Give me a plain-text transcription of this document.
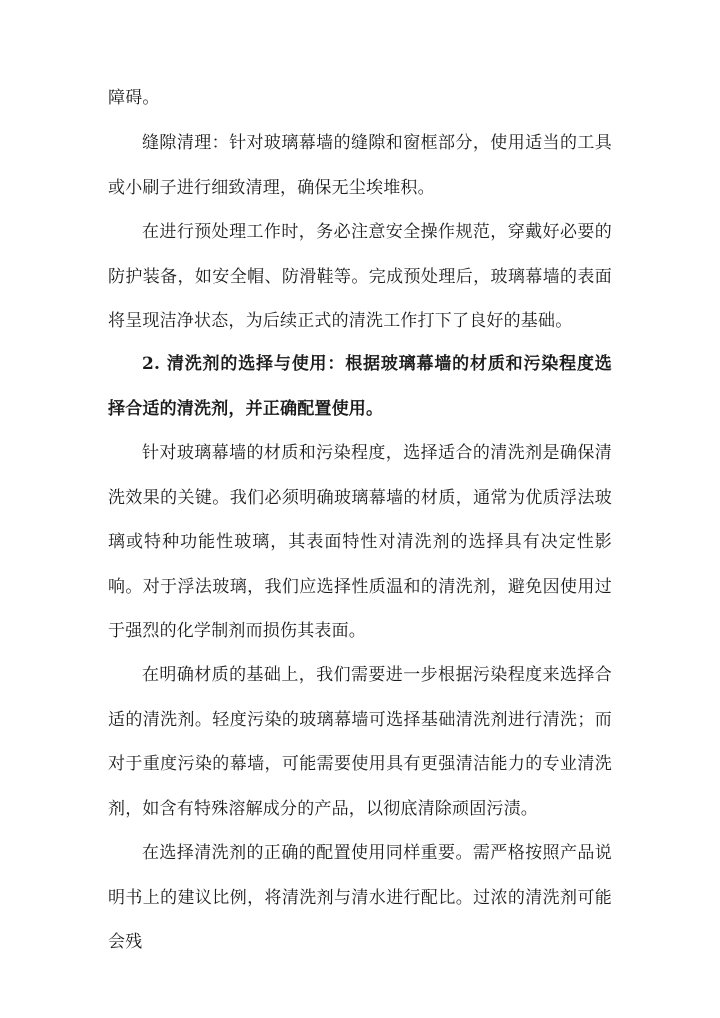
障碍。

缝隙清理：针对玻璃幕墙的缝隙和窗框部分，使用适当的工具或小刷子进行细致清理，确保无尘埃堆积。

在进行预处理工作时，务必注意安全操作规范，穿戴好必要的防护装备，如安全帽、防滑鞋等。完成预处理后，玻璃幕墙的表面将呈现洁净状态，为后续正式的清洗工作打下了良好的基础。

2. 清洗剂的选择与使用：根据玻璃幕墙的材质和污染程度选择合适的清洗剂，并正确配置使用。

针对玻璃幕墙的材质和污染程度，选择适合的清洗剂是确保清洗效果的关键。我们必须明确玻璃幕墙的材质，通常为优质浮法玻璃或特种功能性玻璃，其表面特性对清洗剂的选择具有决定性影响。对于浮法玻璃，我们应选择性质温和的清洗剂，避免因使用过于强烈的化学制剂而损伤其表面。

在明确材质的基础上，我们需要进一步根据污染程度来选择合适的清洗剂。轻度污染的玻璃幕墙可选择基础清洗剂进行清洗；而对于重度污染的幕墙，可能需要使用具有更强清洁能力的专业清洗剂，如含有特殊溶解成分的产品，以彻底清除顽固污渍。

在选择清洗剂的正确的配置使用同样重要。需严格按照产品说明书上的建议比例，将清洗剂与清水进行配比。过浓的清洗剂可能会残
